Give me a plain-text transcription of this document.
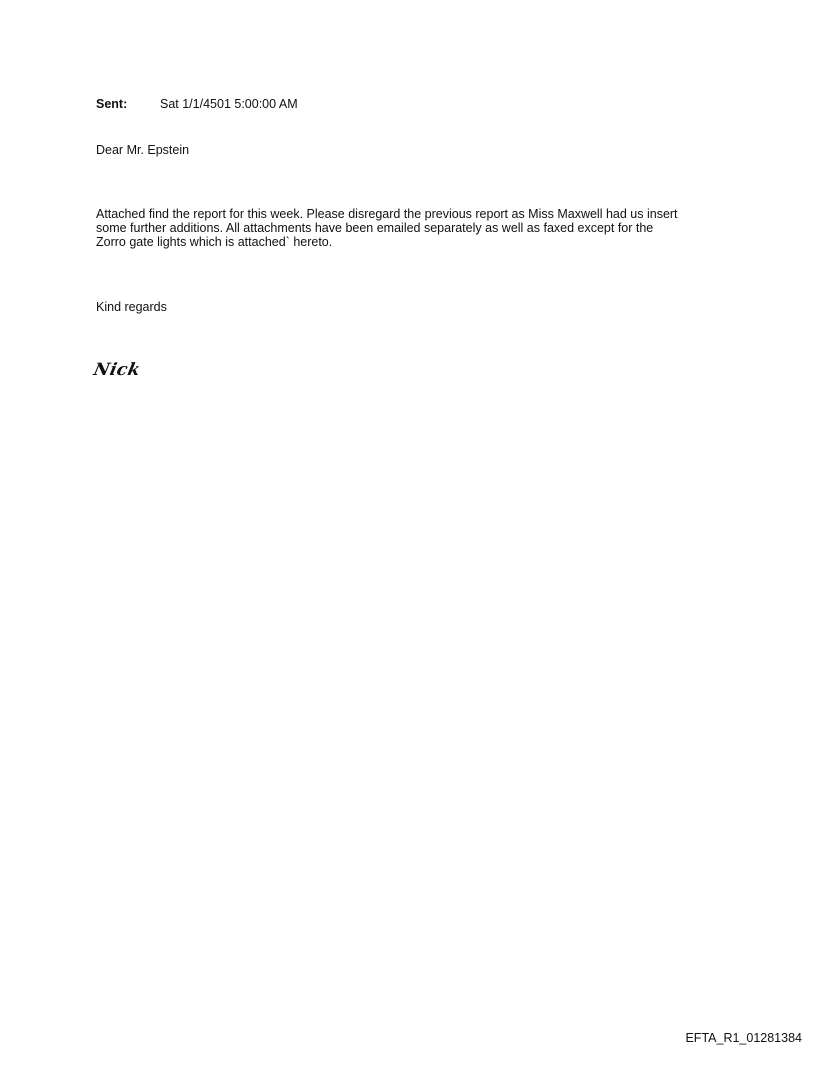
Sent:	Sat 1/1/4501 5:00:00 AM
Dear Mr. Epstein
Attached find the report for this week. Please disregard the previous report as Miss Maxwell had us insert
some further additions. All attachments have been emailed separately as well as faxed except for the
Zorro gate lights which is attached` hereto.
Kind regards
Nick
EFTA_R1_01281384
